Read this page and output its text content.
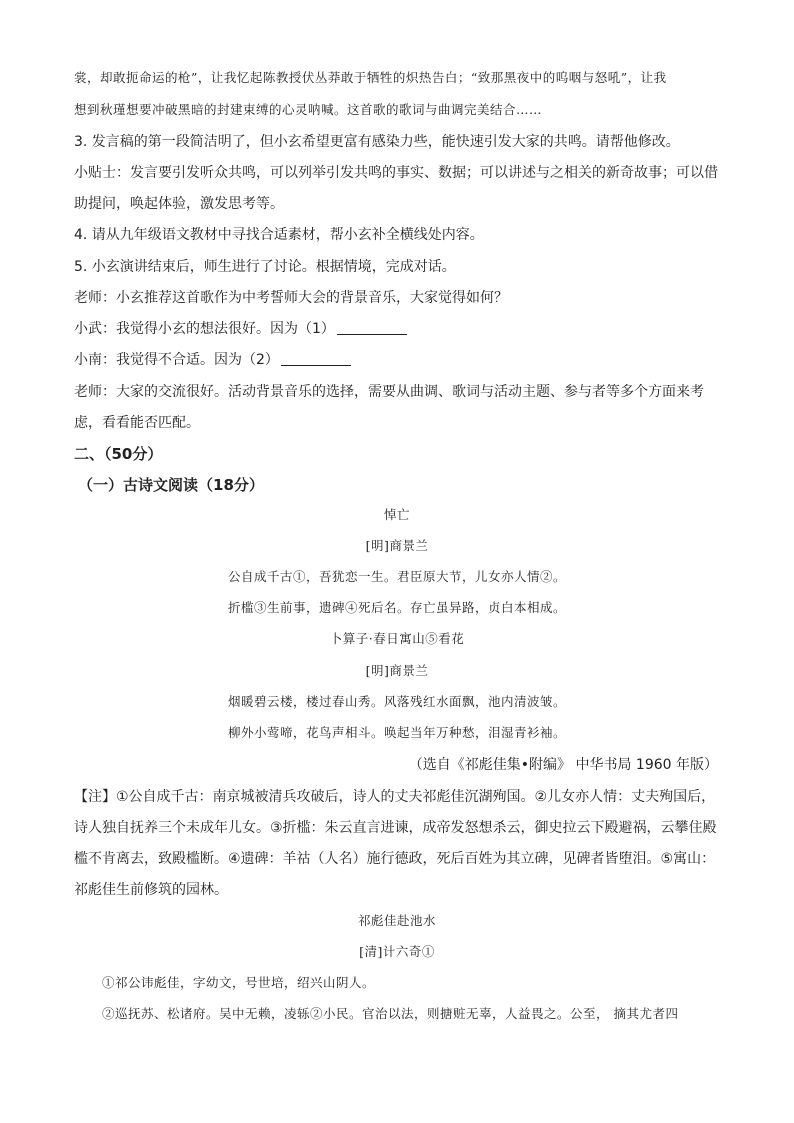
裳，却敢扼命运的枪”，让我忆起陈教授伏丛莽敢于牺牲的炽热告白；“致那黑夜中的呜咽与怒吼”，让我
想到秋瑾想要冲破黑暗的封建束缚的心灵呐喊。这首歌的歌词与曲调完美结合……
3. 发言稿的第一段简洁明了，但小玄希望更富有感染力些，能快速引发大家的共鸣。请帮他修改。
小贴士：发言要引发听众共鸣，可以列举引发共鸣的事实、数据；可以讲述与之相关的新奇故事；可以借
助提问，唤起体验，激发思考等。
4. 请从九年级语文教材中寻找合适素材，帮小玄补全横线处内容。
5. 小玄演讲结束后，师生进行了讨论。根据情境，完成对话。
老师：小玄推荐这首歌作为中考誓师大会的背景音乐，大家觉得如何？
小武：我觉得小玄的想法很好。因为（1）
小南：我觉得不合适。因为（2）
老师：大家的交流很好。活动背景音乐的选择，需要从曲调、歌词与活动主题、参与者等多个方面来考
虑，看看能否匹配。
二、（50分）
（一）古诗文阅读（18分）
悼亡
[明]商景兰
公自成千古①，吾犹恋一生。君臣原大节，儿女亦人情②。
折槛③生前事，遗碑④死后名。存亡虽异路，贞白本相成。
卜算子·春日寓山⑤看花
[明]商景兰
烟暖碧云楼，楼过春山秀。风落残红水面飘，池内清波皱。
柳外小莺啼，花鸟声相斗。唤起当年万种愁，泪湿青衫袖。
（选自《祁彪佳集•附编》 中华书局 1960 年版）
【注】①公自成千古：南京城被清兵攻破后，诗人的丈夫祁彪佳沉湖殉国。②儿女亦人情：丈夫殉国后，
诗人独自抚养三个未成年儿女。③折槛：朱云直言进谏，成帝发怒想杀云，御史拉云下殿避祸，云攀住殿
槛不肯离去，致殿槛断。④遗碑：羊祜（人名）施行德政，死后百姓为其立碑，见碑者皆堕泪。⑤寓山：
祁彪佳生前修筑的园林。
祁彪佳赴池水
[清]计六奇①
①祁公讳彪佳，字幼文，号世培，绍兴山阴人。
②巡抚苏、松诸府。吴中无赖，凌轹②小民。官治以法，则搪赃无辜，人益畏之。公至， 摘其尤者四
